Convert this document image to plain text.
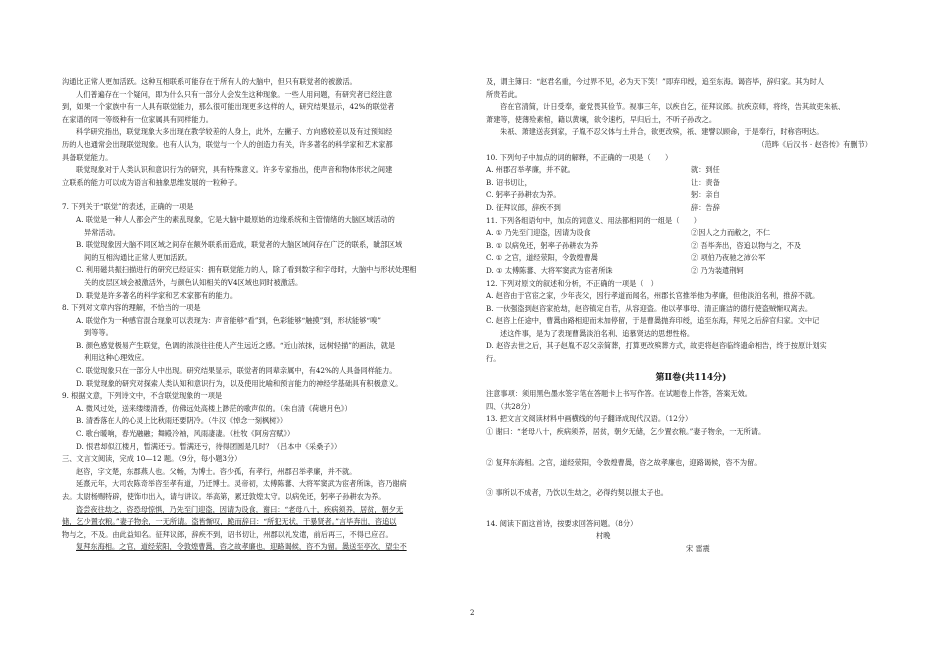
沟通比正常人更加活跃。这种互相联系可能存在于所有人的大脑中，但只有联觉者的被激活。

人们普遍存在一个疑问，即为什么只有一部分人会发生这种现象。一些人用问题，有研究者已经注意

到，如果一个家族中有一人具有联觉能力，那么很可能出现更多这样的人，研究结果显示，42%的联觉者

在家谱的同一等级种有一位家属具有同样能力。

科学研究指出，联觉现象大多出现在教学较差的人身上，此外，左撇子、方向感较差以及有过预知经

历的人也通常会出现联觉现象。也有人认为，联觉与一个人的创造力有关，许多著名的科学家和艺术家都

具备联觉能力。

联觉现象对于人类认识和意识行为的研究，具有特殊意义。许多专家指出，使声音和物体形状之间建

立联系的能力可以成为语言和抽象思维发展的一粒种子。

7. 下列关于“联觉”的表述，正确的一项是

A. 联觉是一种人人都会产生的素乱现象，它是大脑中最原始的边缘系统和主管情绪的大脑区域活动的

异常活动。

B. 联觉现象因大脑不同区域之间存在额外联系而造成，联觉者的大脑区域间存在广泛的联系，眦部区域

间的互相沟通比正常人更加活跃。

C. 利用磁共振扫描进行的研究已经证实：拥有联觉能力的人，除了看到数字和字母时，大脑中与形状处理相

关的皮层区域会被激活外，与颜色认知相关的V4区域也同时被激活。

D. 联觉是许多著名的科学家和艺术家都有的能力。

8. 下列对文章内容的理解，不恰当的一项是

A. 联觉作为一种感官混合现象可以表现为：声音能够“看”到，色彩能够“触摸”到，形状能够“嗅”

到等等。

B. 颜色感觉极易产生联觉，色调的浓淡往往使人产生远近之感。“近山浓抹，远树轻描”的画法，就是

利用这种心理效应。

C. 联觉现象只在一部分人中出现。研究结果显示，联觉者的同辈亲属中，有42%的人具备同样能力。

D. 联觉现象的研究对探索人类认知和意识行为，以及使用比喻和预言能力的神经学基础具有积极意义。

9. 根据文意，下列诗文中，不含联觉现象的一项是

A. 微风过处，送来缕缕清香，仿佛远处高楼上渺茫的歌声似的。（朱自清《荷塘月色》）

B. 清香落在人的心灵上比秋雨还要阴冷。（牛汉《悼念一刻枫树》）

C. 歌台暖响，春光融融；舞殿冷袖，风雨凄凄。（杜牧《阿房宫赋》）

D. 恨君却似江楼月，暂满还亏。暂满还亏，待得团圆是几时？（吕本中《采桑子》）

三、文言文阅读，完成 10—12 题。（9分，每小题3分）

赵咨，字文楚，东郡燕人也。父畅，为博士。咨少孤，有孝行，州郡召举孝廉，并不就。

延熹元年，大司农陈奇举咨至孝有道，乃迁博士。灵帝初，太傅陈蕃、大将军窦武为宦者所诛，咨乃谢病

去。太尉杨赐特辟，使饰巾出入，请与讲议。举高第，累迁敦煌太守。以病免还，躬率子孙耕农为养。

盗尝夜往劫之，咨恐母惊惧，乃先至门迎盗，因请为设食，谢曰：“老母八十，疾病须养，居贫，朝夕无

储，乞少置衣粮。”妻子物余，一无所请。盗皆惭叹，跪而辞曰：“所犯无状，干暴贤者。”言毕奔出，咨追以

物与之，不及。由此益知名。征拜议郎，辞疾不到，诏书切让，州郡以礼发遣，前后再三，不得已应召。

复拜东海相。之官，道经荥阳，令敦煌曹暠，咨之故孝廉也，迎路谒候，咨不为留。暠送至亭次，望尘不

及，谓主簿曰：“赵君名重，今过界不见，必为天下笑！”即弃印绶，追至东海。谒咨毕，辞归家。其为时人

所贵若此。

咨在官清简，计日受奉，豪党畏其俭节。视事三年，以疾自乞，征拜议郎。抗疾京师，将终，告其故吏朱祇、

萧建等，使薄殓素棺，籍以黄壤，欲令速朽，早归后土，不听子孙改之。

朱祇、萧建送丧到家，子胤不忍父体与土并合，欲更改殡，祇、建譬以顾命，于是奉行，时称咨明达。

（范晔《后汉书 · 赵咨传》有删节）

10. 下列句子中加点的词的解释，不正确的一项是（　　）

A. 州郡召举孝廉，并不就。	就：到任

B. 诏书切让，	让：责备

C. 躬率子孙耕农为养。	躬：亲自

D. 征拜议郎，辞疾不到	辞：告辞

11. 下列各组语句中，加点的词意义、用法都相同的一组是（　　）

A. ① 乃先至门迎盗，因请为设食	②因人之力而敝之，不仁

B. ① 以病免还，躬率子孙耕农为养	② 吾毕奔出，咨追以物与之，不及

C. ① 之官，道经荥阳，令敦煌曹暠	② 项伯乃夜驰之沛公军

D. ① 太傅陈蕃、大将军窦武为宦者所诛	② 乃为装遣荆轲

12. 下列对原文的叙述和分析，不正确的一项是（　）

A. 赵咨由于官宦之家，少年丧父，因行孝道而闻名，州郡长官推举他为孝廉，但他淡泊名利，推辞不就。

B. 一伙强盗到赵咨家抢劫，赵咨镇定自若，从容迎盗。他以孝事母、清正廉洁的德行使盗贼惭叹离去。

C. 赵咨上任途中，曹暠由路相迎而未加停留，于是曹暠抛弃印绶，追至东海，拜见之后辞官归家。文中记

述这件事，是为了表现曹暠淡泊名利、追慕贤达的思想性格。

D. 赵咨去世之后，其子赵胤不忍父亲简葬，打算更改殡葬方式，故吏将赵咨临终遗命相告，终于按原计划实

行。

第Ⅱ卷(共114分)

注意事项：须用黑色墨水签字笔在答题卡上书写作答。在试题卷上作答，答案无效。

四、（共28分）

13. 把文言文阅读材料中画横线的句子翻译成现代汉语。（12分）

① 谢曰：“老母八十，疾病须养，居贫，朝夕无储，乞少置衣粮。”妻子物余，一无所请。

② 复拜东海相。之官，道经荥阳，令敦煌曹暠，咨之故孝廉也，迎路谒候，咨不为留。

③ 事所以不成者，乃饮以生劫之，必得约契以报太子也。

14. 阅读下面这首诗，按要求回答问题。（8分）

村晚

宋 雷震

2
